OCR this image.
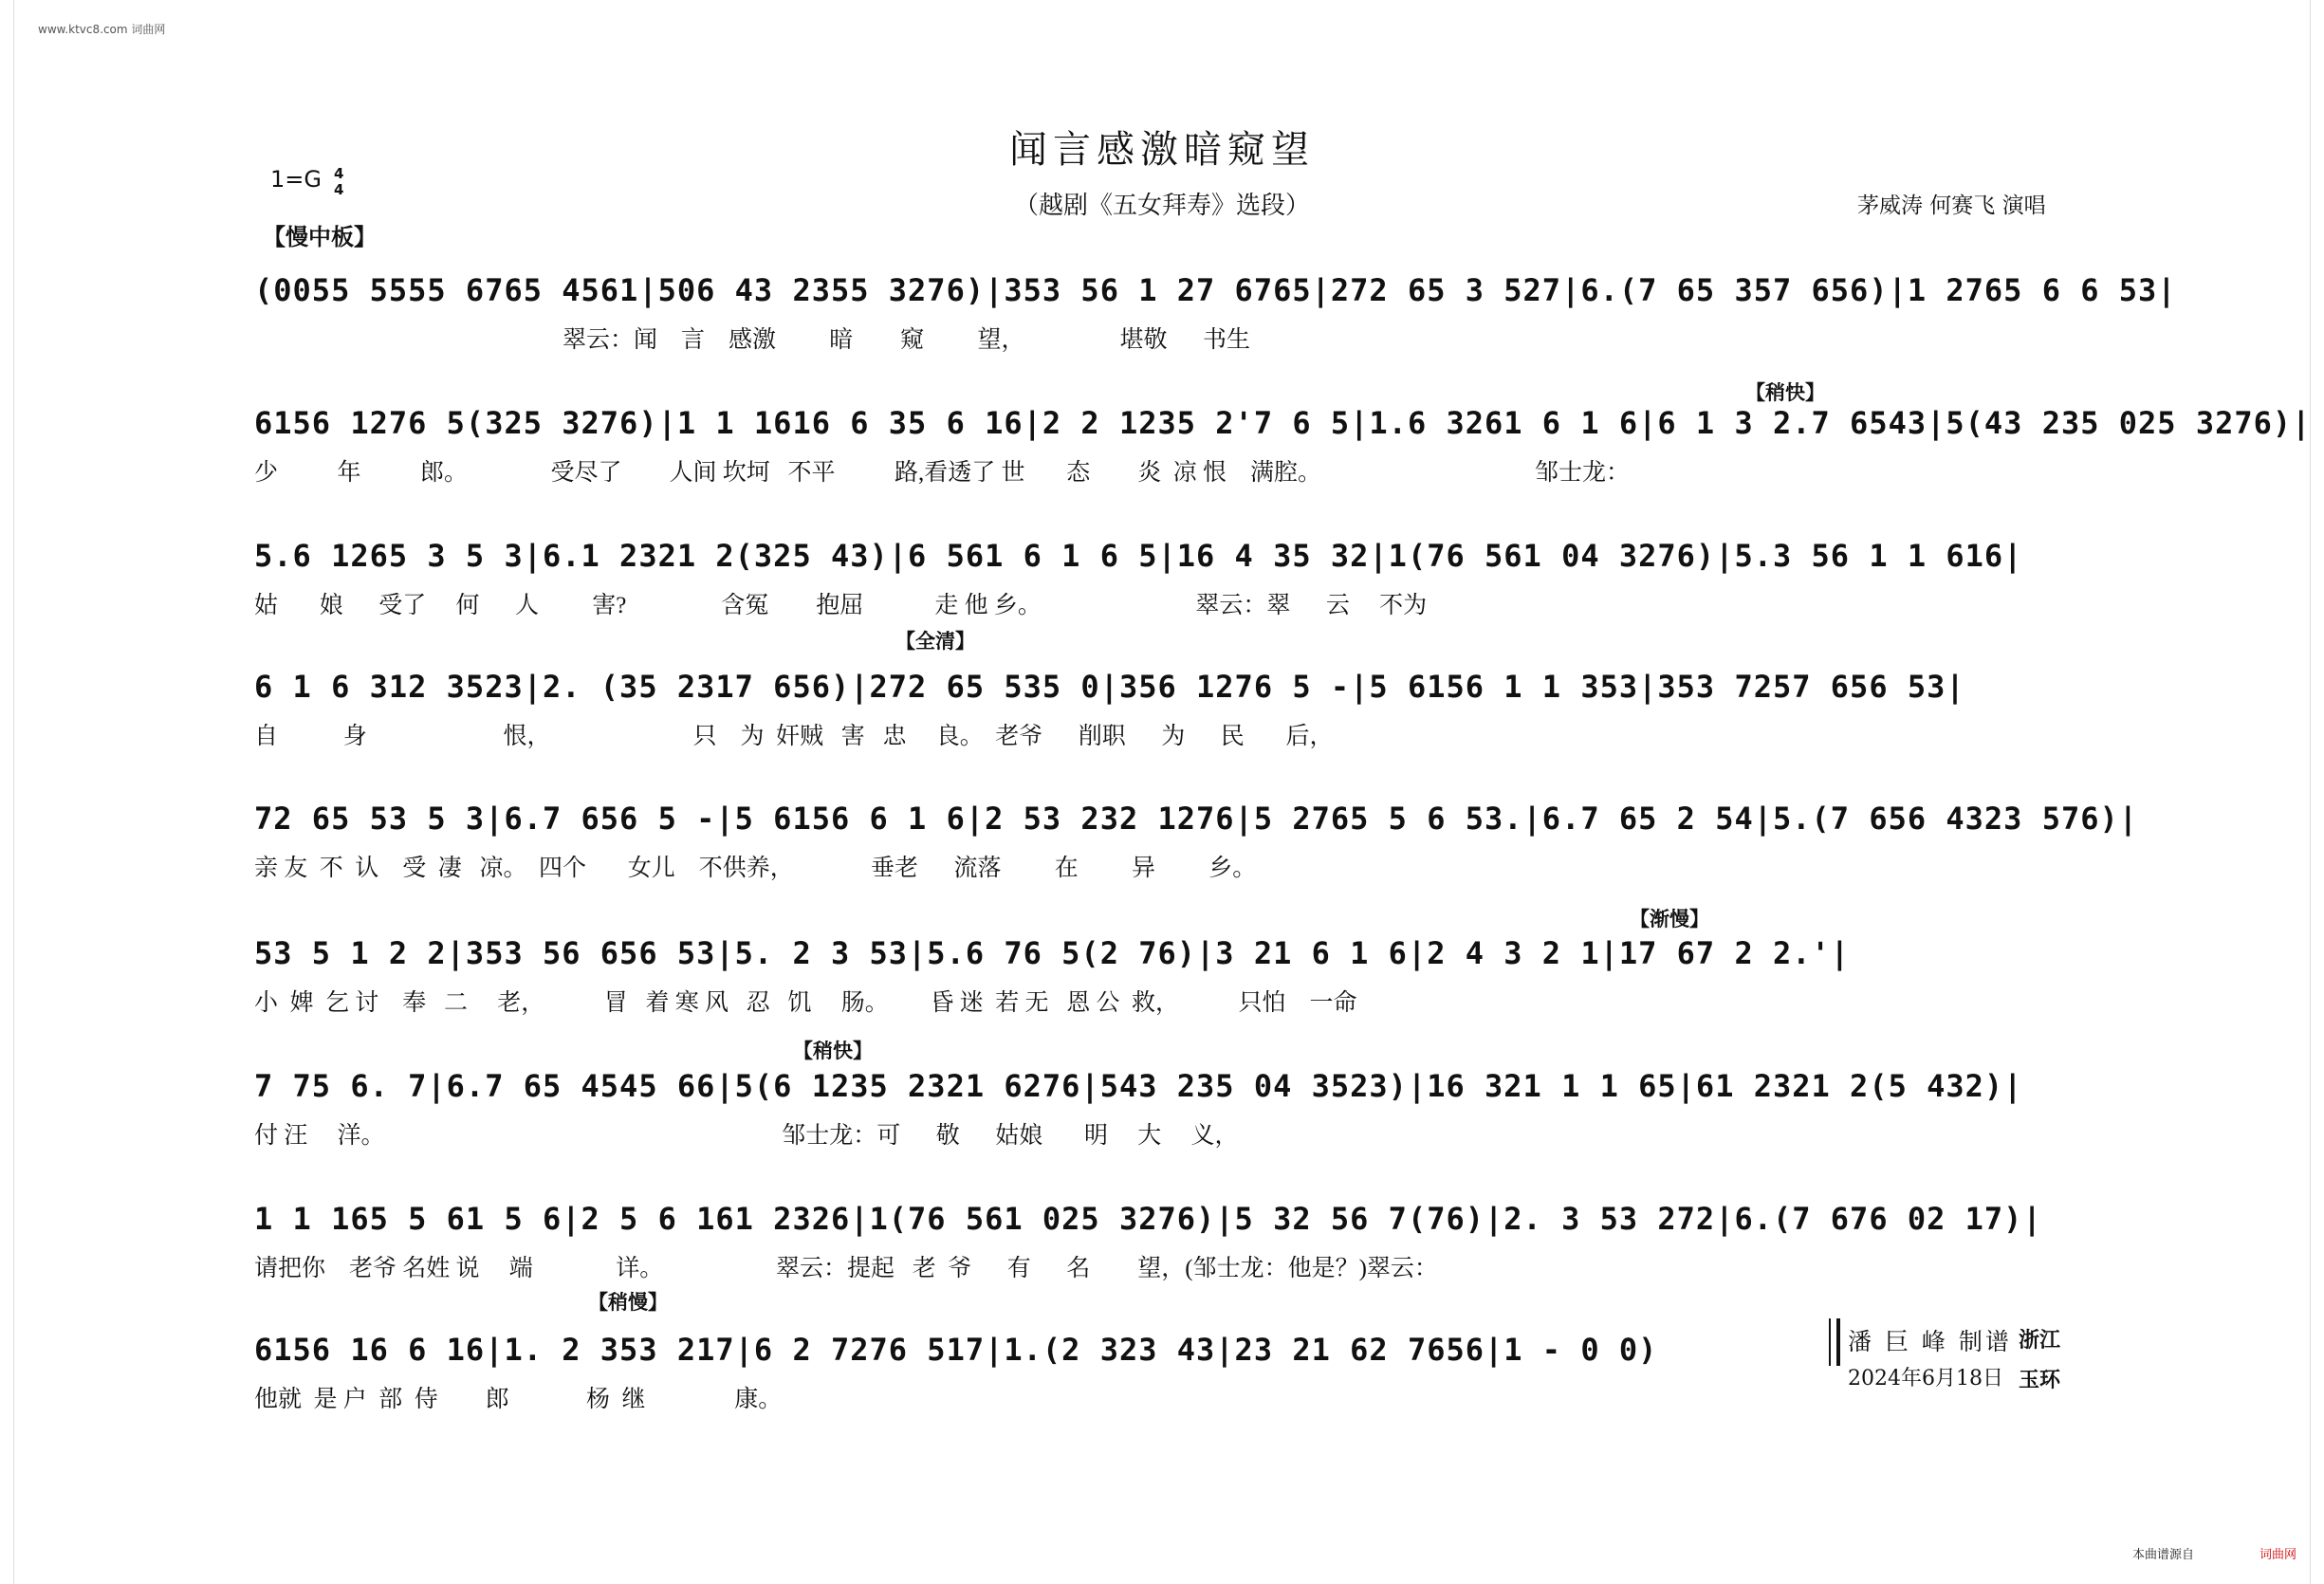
www.ktvc8.com 词曲网
闻言感激暗窥望
（越剧《五女拜寿》选段）
1=G 4
4
茅威涛 何赛飞 演唱
【慢中板】
【稍快】
【全清】
【渐慢】
【稍快】
【稍慢】
(0055 5555 6765 4561|506 43 2355 3276)|353 56 1 27 6765|272 65 3 527|6.(7 65 357 656)|1 2765 6 6 53|
翠云：闻    言    感激         暗        窥         望，                堪敬      书生
6156 1276 5(325 3276)|1 1 1616 6 35 6 16|2 2 1235 2'7 6 5|1.6 3261 6 1 6|6 1 3 2.7 6543|5(43 235 025 3276)|
少          年          郎。              受尽了        人间 坎坷   不平          路,看透了 世       态        炎  凉 恨    满腔。                                    邹士龙：
5.6 1265 3 5 3|6.1 2321 2(325 43)|6 561 6 1 6 5|16 4 35 32|1(76 561 04 3276)|5.3 56 1 1 616|
姑       娘      受了     何      人         害?                含冤        抱屈            走 他 乡。                          翠云：翠      云     不为
6 1 6 312 3523|2. (35 2317 656)|272 65 535 0|356 1276 5 -|5 6156 1 1 353|353 7257 656 53|
自           身                       恨，                        只    为  奸贼   害   忠     良。  老爷      削职      为      民       后，
72 65 53 5 3|6.7 656 5 -|5 6156 6 1 6|2 53 232 1276|5 2765 5 6 53.|6.7 65 2 54|5.(7 656 4323 576)|
亲 友  不  认    受  凄   凉。  四个       女儿    不供养，             垂老      流落         在         异         乡。
53 5 1 2 2|353 56 656 53|5. 2 3 53|5.6 76 5(2 76)|3 21 6 1 6|2 4 3 2 1|17 67 2 2.'|
小  婢  乞 讨    奉   二     老，          冒   着 寒 风   忍   饥     肠。       昏 迷  若 无   恩 公  救，          只怕    一命
7 75 6. 7|6.7 65 4545 66|5(6 1235 2321 6276|543 235 04 3523)|16 321 1 1 65|61 2321 2(5 432)|
付 汪     洋。                                                                   邹士龙：可      敬      姑娘       明     大     义，
1 1 165 5 61 5 6|2 5 6 161 2326|1(76 561 025 3276)|5 32 56 7(76)|2. 3 53 272|6.(7 676 02 17)|
请把你    老爷 名姓 说     端              详。                   翠云：提起   老  爷      有      名        望，(邹士龙：他是？)翠云：
6156 16 6 16|1. 2 353 217|6 2 7276 517|1.(2 323 43|23 21 62 7656|1 - 0 0)
他就  是 户  部  侍        郎             杨  继               康。
潘 巨 峰 制谱
2024年6月18日
浙江
玉环
本曲谱源自	词曲网
